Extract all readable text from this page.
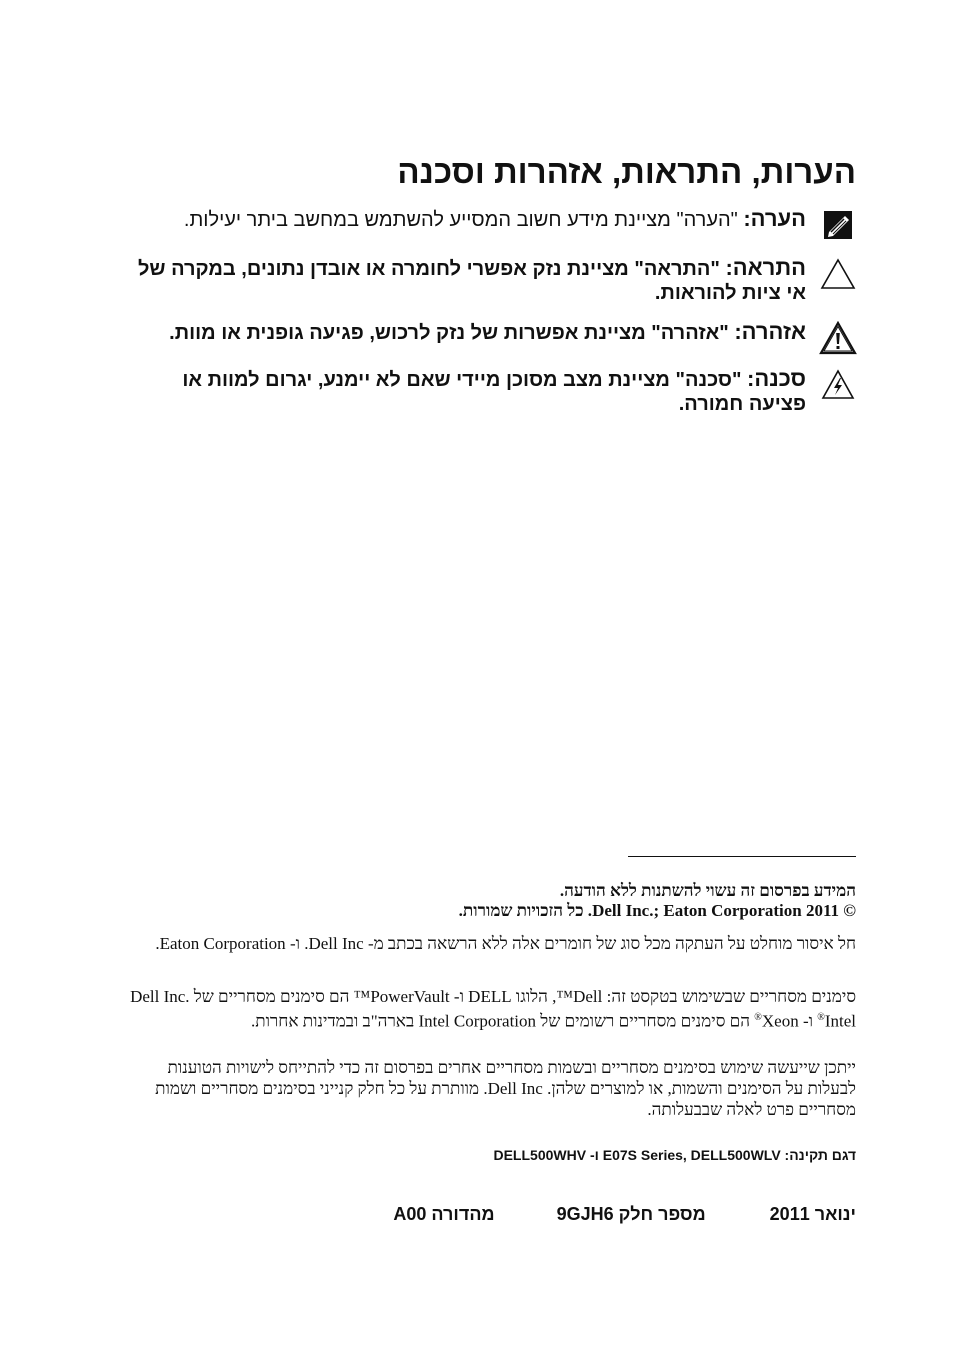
הערות, התראות, אזהרות וסכנה
הערה: "הערה" מציינת מידע חשוב המסייע להשתמש במחשב ביתר יעילות.
התראה: "התראה" מציינת נזק אפשרי לחומרה או אובדן נתונים, במקרה של אי ציות להוראות.
אזהרה: "אזהרה" מציינת אפשרות של נזק לרכוש, פגיעה גופנית או מוות.
סכנה: "סכנה" מציינת מצב מסוכן מיידי שאם לא יימנע, יגרום למוות או פציעה חמורה.
המידע בפרסום זה עשוי להשתנות ללא הודעה.
© 2011 Dell Inc.; Eaton Corporation. כל הזכויות שמורות.
חל איסור מוחלט על העתקה מכל סוג של חומרים אלה ללא הרשאה בכתב מ- Dell Inc. ו- Eaton Corporation.
סימנים מסחריים שבשימוש בטקסט זה: Dell™, הלוגו DELL ו- PowerVault™ הם סימנים מסחריים של Dell Inc. Intel® ו- Xeon® הם סימנים מסחריים רשומים של Intel Corporation בארה"ב ובמדינות אחרות.
ייתכן שייעשה שימוש בסימנים מסחריים ובשמות מסחריים אחרים בפרסום זה כדי להתייחס לישויות הטוענות לבעלות על הסימנים והשמות, או למוצרים שלהן. Dell Inc. מוותרת על כל חלק קנייני בסימנים מסחריים ושמות מסחריים פרט לאלה שבבעלותה.
דגם תקינה: E07S Series, DELL500WLV ו- DELL500WHV
ינואר 2011
מספר חלק 9GJH6
מהדורה A00
